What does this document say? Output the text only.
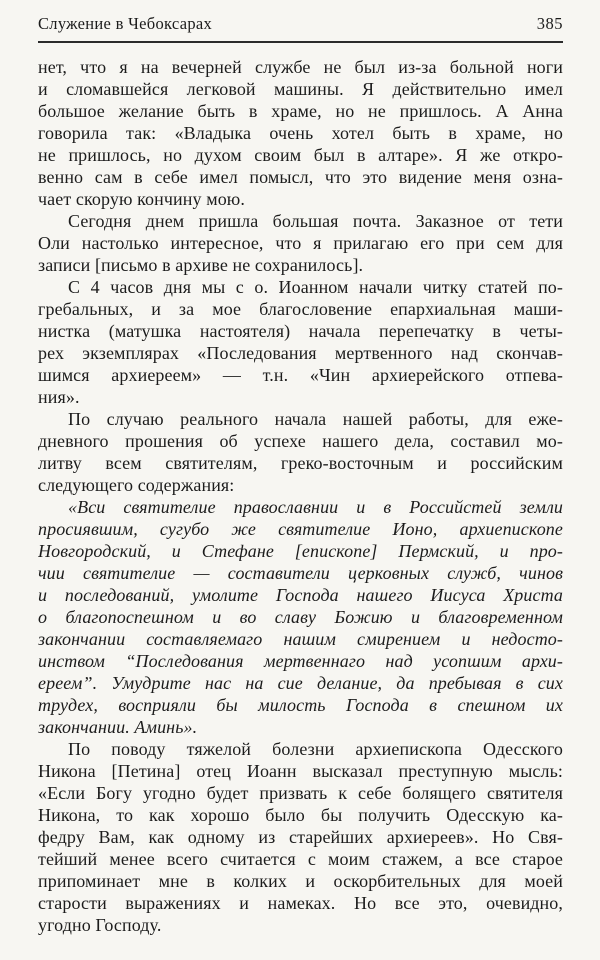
Служение в Чебоксарах	385
нет, что я на вечерней службе не был из-за больной ноги
и сломавшейся легковой машины. Я действительно имел
большое желание быть в храме, но не пришлось. А Анна
говорила так: «Владыка очень хотел быть в храме, но
не пришлось, но духом своим был в алтаре». Я же откро-
венно сам в себе имел помысл, что это видение меня озна-
чает скорую кончину мою.
Сегодня днем пришла большая почта. Заказное от тети
Оли настолько интересное, что я прилагаю его при сем для
записи [письмо в архиве не сохранилось].
С 4 часов дня мы с о. Иоанном начали читку статей по-
гребальных, и за мое благословение епархиальная маши-
нистка (матушка настоятеля) начала перепечатку в четы-
рех экземплярах «Последования мертвенного над скончав-
шимся архиереем» — т.н. «Чин архиерейского отпева-
ния».
По случаю реального начала нашей работы, для еже-
дневного прошения об успехе нашего дела, составил мо-
литву всем святителям, греко-восточным и российским
следующего содержания:
«Вси святителие православнии и в Российстей земли
просиявшим, сугубо же святителие Ионо, архиепископе
Новгородский, и Стефане [епископе] Пермский, и про-
чии святителие — составители церковных служб, чинов
и последований, умолите Господа нашего Иисуса Христа
о благопоспешном и во славу Божию и благовременном
закончании составляемаго нашим смирением и недосто-
инством “Последования мертвеннаго над усопшим архи-
ереем”. Умудрите нас на сие делание, да пребывая в сих
трудех, восприяли бы милость Господа в спешном их
закончании. Аминь».
По поводу тяжелой болезни архиепископа Одесского
Никона [Петина] отец Иоанн высказал преступную мысль:
«Если Богу угодно будет призвать к себе болящего святителя
Никона, то как хорошо было бы получить Одесскую ка-
федру Вам, как одному из старейших архиереев». Но Свя-
тейший менее всего считается с моим стажем, а все старое
припоминает мне в колких и оскорбительных для моей
старости выражениях и намеках. Но все это, очевидно,
угодно Господу.
